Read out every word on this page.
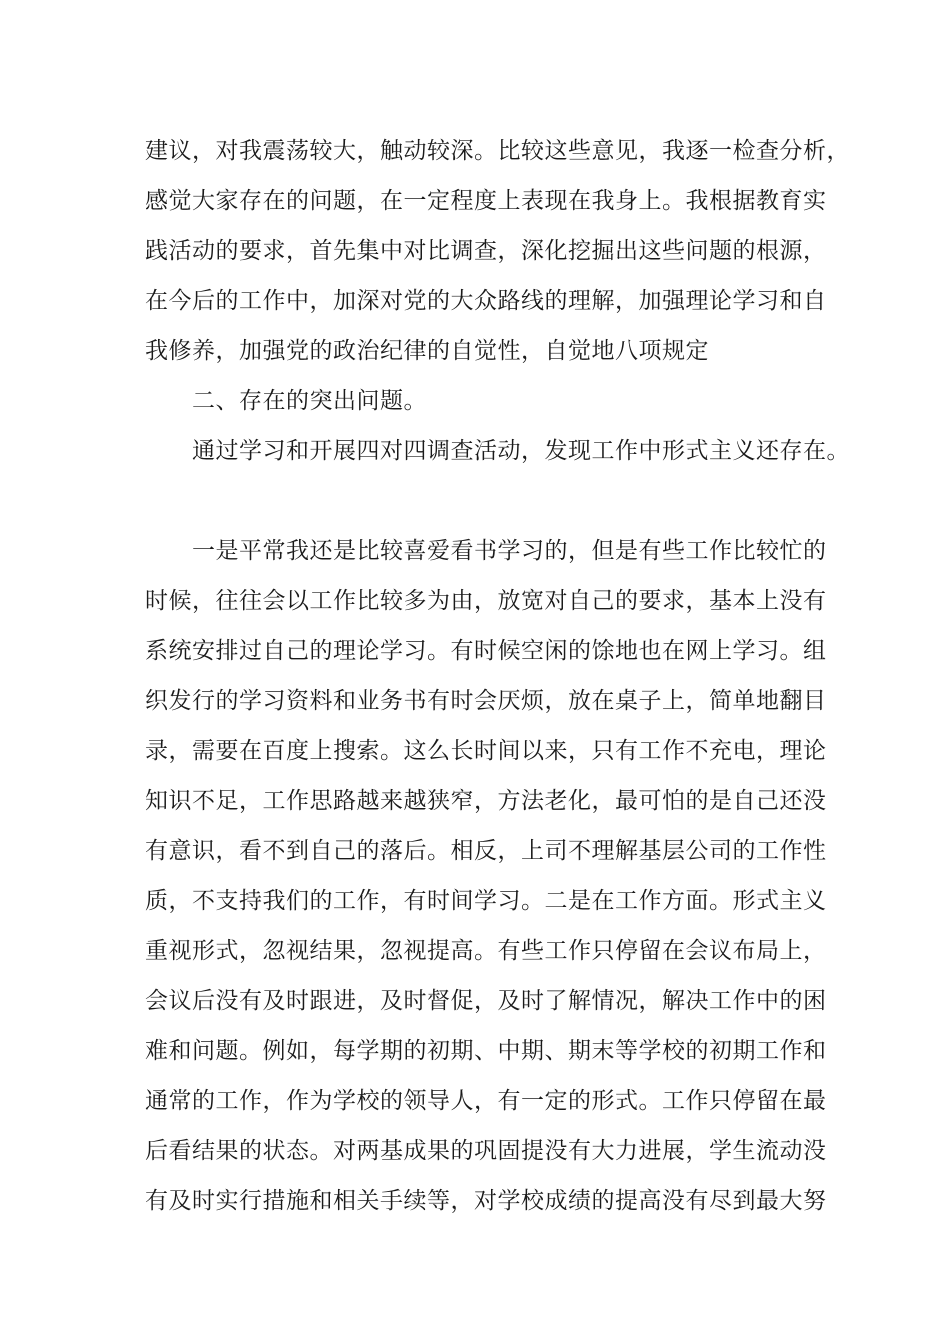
建议，对我震荡较大，触动较深。比较这些意见，我逐一检查分析，
感觉大家存在的问题，在一定程度上表现在我身上。我根据教育实
践活动的要求，首先集中对比调查，深化挖掘出这些问题的根源，
在今后的工作中，加深对党的大众路线的理解，加强理论学习和自
我修养，加强党的政治纪律的自觉性，自觉地八项规定
二、存在的突出问题。
通过学习和开展四对四调查活动，发现工作中形式主义还存在。
一是平常我还是比较喜爱看书学习的，但是有些工作比较忙的
时候，往往会以工作比较多为由，放宽对自己的要求，基本上没有
系统安排过自己的理论学习。有时候空闲的馀地也在网上学习。组
织发行的学习资料和业务书有时会厌烦，放在桌子上，简单地翻目
录，需要在百度上搜索。这么长时间以来，只有工作不充电，理论
知识不足，工作思路越来越狭窄，方法老化，最可怕的是自己还没
有意识，看不到自己的落后。相反，上司不理解基层公司的工作性
质，不支持我们的工作，有时间学习。二是在工作方面。形式主义
重视形式，忽视结果，忽视提高。有些工作只停留在会议布局上，
会议后没有及时跟进，及时督促，及时了解情况，解决工作中的困
难和问题。例如，每学期的初期、中期、期末等学校的初期工作和
通常的工作，作为学校的领导人，有一定的形式。工作只停留在最
后看结果的状态。对两基成果的巩固提没有大力进展，学生流动没
有及时实行措施和相关手续等，对学校成绩的提高没有尽到最大努
